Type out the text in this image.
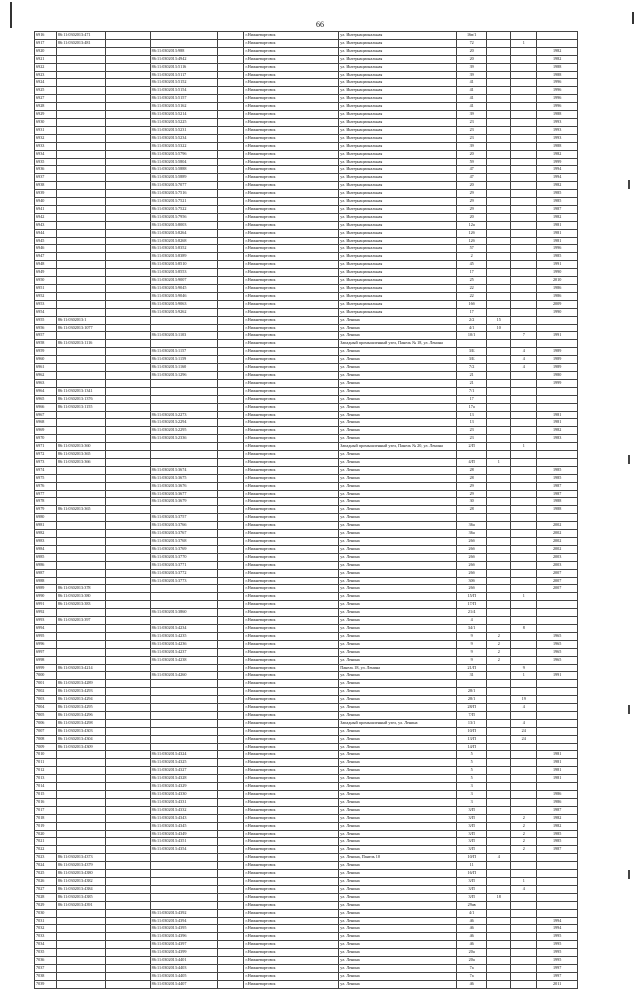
66
6916	86:11:0302013:471				г.Нижневартовск	ул. Интернациональная	16в/1			
6917	86:11:0302013:481				г.Нижневартовск	ул. Интернациональная	72		1	
6920			86:11:0302013:988		г.Нижневартовск	ул. Интернациональная	20			1982
6921			86:11:0302013:4942		г.Нижневартовск	ул. Интернациональная	20			1982
6922			86:11:0302013:5116		г.Нижневартовск	ул. Интернациональная	39			1988
6923			86:11:0302013:5117		г.Нижневартовск	ул. Интернациональная	39			1988
6924			86:11:0302013:5152		г.Нижневартовск	ул. Интернациональная	41			1996
6925			86:11:0302013:5154		г.Нижневартовск	ул. Интернациональная	41			1996
6927			86:11:0302013:5157		г.Нижневартовск	ул. Интернациональная	41			1996
6928			86:11:0302013:5162		г.Нижневартовск	ул. Интернациональная	41			1996
6929			86:11:0302013:5214		г.Нижневартовск	ул. Интернациональная	39			1988
6930			86:11:0302013:5225		г.Нижневартовск	ул. Интернациональная	23			1993
6931			86:11:0302013:5231		г.Нижневартовск	ул. Интернациональная	23			1993
6932			86:11:0302013:5234		г.Нижневартовск	ул. Интернациональная	23			1993
6933			86:11:0302013:5322		г.Нижневартовск	ул. Интернациональная	39			1988
6934			86:11:0302013:5796		г.Нижневартовск	ул. Интернациональная	20			1982
6935			86:11:0302013:5804		г.Нижневартовск	ул. Интернациональная	59			1999
6936			86:11:0302013:5888		г.Нижневартовск	ул. Интернациональная	47			1994
6937			86:11:0302013:5889		г.Нижневартовск	ул. Интернациональная	47			1994
6938			86:11:0302013:7077		г.Нижневартовск	ул. Интернациональная	20			1982
6939			86:11:0302013:7516		г.Нижневартовск	ул. Интернациональная	29			1985
6940			86:11:0302013:7521		г.Нижневартовск	ул. Интернациональная	29			1985
6941			86:11:0302013:7522		г.Нижневартовск	ул. Интернациональная	29			1987
6942			86:11:0302013:7956		г.Нижневартовск	ул. Интернациональная	20			1982
6943			86:11:0302013:8003		г.Нижневартовск	ул. Интернациональная	12а			1981
6944			86:11:0302013:8264		г.Нижневартовск	ул. Интернациональная	12б			1981
6945			86:11:0302013:8268		г.Нижневартовск	ул. Интернациональная	12б			1981
6946			86:11:0302013:8352		г.Нижневартовск	ул. Интернациональная	57			1996
6947			86:11:0302013:8389		г.Нижневартовск	ул. Интернациональная	2			1985
6948			86:11:0302013:8510		г.Нижневартовск	ул. Интернациональная	45			1991
6949			86:11:0302013:8553		г.Нижневартовск	ул. Интернациональная	17			1990
6950			86:11:0302013:9007		г.Нижневартовск	ул. Интернациональная	25			2010
6951			86:11:0302013:9045		г.Нижневартовск	ул. Интернациональная	22			1986
6952			86:11:0302013:9046		г.Нижневартовск	ул. Интернациональная	22			1986
6953			86:11:0302013:9063		г.Нижневартовск	ул. Интернациональная	16б			2009
6954			86:11:0302013:9262		г.Нижневартовск	ул. Интернациональная	17			1990
6955	86:11:0302013:1				г.Нижневартовск	ул. Ленина	2/2	15		
6956	86:11:0302013:1077				г.Нижневартовск	ул. Ленина	4/1	10		
6957			86:11:0302013:1103		г.Нижневартовск	ул. Ленина	10/1		7	1991
6958	86:11:0302013:1116				г.Нижневартовск	Западный промышленный узел, Панель № 18, ул. Ленина				
6959			86:11:0302013:1157		г.Нижневартовск	ул. Ленина	3/Б		4	1989
6960			86:11:0302013:1159		г.Нижневартовск	ул. Ленина	3/Б		4	1989
6961			86:11:0302013:1160		г.Нижневартовск	ул. Ленина	7/2		4	1989
6962			86:11:0302013:1296		г.Нижневартовск	ул. Ленина	21			1980
6963					г.Нижневартовск	ул. Ленина	21			1999
6964	86:11:0302013:1341				г.Нижневартовск	ул. Ленина	7/1			
6965	86:11:0302013:1376				г.Нижневартовск	ул. Ленина	17			
6966	86:11:0302013:1155				г.Нижневартовск	ул. Ленина	17а			
6967			86:11:0302013:2273		г.Нижневартовск	ул. Ленина	13			1981
6968			86:11:0302013:2294		г.Нижневартовск	ул. Ленина	13			1981
6969			86:11:0302013:2295		г.Нижневартовск	ул. Ленина	23			1982
6970			86:11:0302013:2336		г.Нижневартовск	ул. Ленина	23			1983
6971	86:11:0302013:360				г.Нижневартовск	Западный промышленный узел, Панель № 20, ул. Ленина	2/П		1	
6972	86:11:0302013:365				г.Нижневартовск	ул. Ленина				
6973	86:11:0302013:366				г.Нижневартовск	ул. Ленина	4/П	1		
6974			86:11:0302013:3674		г.Нижневартовск	ул. Ленина	28			1985
6975			86:11:0302013:3675		г.Нижневартовск	ул. Ленина	28			1985
6976			86:11:0302013:3676		г.Нижневартовск	ул. Ленина	29			1987
6977			86:11:0302013:3677		г.Нижневартовск	ул. Ленина	29			1987
6978			86:11:0302013:3679		г.Нижневартовск	ул. Ленина	30			1988
6979	86:11:0302013:365				г.Нижневартовск	ул. Ленина	28			1988
6980			86:11:0302013:3757		г.Нижневартовск	ул. Ленина				
6981			86:11:0302013:3766		г.Нижневартовск	ул. Ленина	36а			2002
6982			86:11:0302013:3767		г.Нижневартовск	ул. Ленина	36а			2002
6983			86:11:0302013:3768		г.Нижневартовск	ул. Ленина	26б			2002
6984			86:11:0302013:3769		г.Нижневартовск	ул. Ленина	26б			2002
6985			86:11:0302013:3770		г.Нижневартовск	ул. Ленина	26б			2003
6986			86:11:0302013:3771		г.Нижневартовск	ул. Ленина	26б			2003
6987			86:11:0302013:3772		г.Нижневартовск	ул. Ленина	26б			2007
6988			86:11:0302013:3773		г.Нижневартовск	ул. Ленина	30б			2007
6989	86:11:0302013:378				г.Нижневартовск	ул. Ленина	26б			2007
6990	86:11:0302013:380				г.Нижневартовск	ул. Ленина	15/П		1	
6991	86:11:0302013:383				г.Нижневартовск	ул. Ленина	17/П			
6992			86:11:0302013:3860		г.Нижневартовск	ул. Ленина	21/4			
6993	86:11:0302013:397				г.Нижневартовск	ул. Ленина	4			
6994			86:11:0302013:4234		г.Нижневартовск	ул. Ленина	34/1		8	
6995			86:11:0302013:4235		г.Нижневартовск	ул. Ленина	9	2		1965
6996			86:11:0302013:4236		г.Нижневартовск	ул. Ленина	9	2		1965
6997			86:11:0302013:4237		г.Нижневартовск	ул. Ленина	9	2		1965
6998			86:11:0302013:4238		г.Нижневартовск	ул. Ленина	9	2		1965
6999	86:11:0302013:4214				г.Нижневартовск	Панель 18, ул. Ленина	21/П		9	
7000			86:11:0302013:4260		г.Нижневартовск	ул. Ленина	31		1	1991
7001	86:11:0302013:4289				г.Нижневартовск	ул. Ленина				
7002	86:11:0302013:4293				г.Нижневартовск	ул. Ленина	28/1			
7003	86:11:0302013:4294				г.Нижневартовск	ул. Ленина	28/1		19	
7004	86:11:0302013:4295				г.Нижневартовск	ул. Ленина	28/П		4	
7005	86:11:0302013:4296				г.Нижневартовск	ул. Ленина	7/П			
7006	86:11:0302013:4298				г.Нижневартовск	Западный промышленный узел, ул. Ленина	13/1		4	
7007	86:11:0302013:4303				г.Нижневартовск	ул. Ленина	10/П		24	
7008	86:11:0302013:4304				г.Нижневартовск	ул. Ленина	13/П		24	
7009	86:11:0302013:4309				г.Нижневартовск	ул. Ленина	14/П			
7010			86:11:0302013:4324		г.Нижневартовск	ул. Ленина	5			1981
7011			86:11:0302013:4325		г.Нижневартовск	ул. Ленина	5			1981
7012			86:11:0302013:4327		г.Нижневартовск	ул. Ленина	5			1981
7013			86:11:0302013:4328		г.Нижневартовск	ул. Ленина	5			1981
7014			86:11:0302013:4329		г.Нижневартовск	ул. Ленина	3			
7015			86:11:0302013:4330		г.Нижневартовск	ул. Ленина	3			1986
7016			86:11:0302013:4331		г.Нижневартовск	ул. Ленина	3			1986
7017			86:11:0302013:4332		г.Нижневартовск	ул. Ленина	3/П			1987
7018			86:11:0302013:4343		г.Нижневартовск	ул. Ленина	3/П		2	1982
7019			86:11:0302013:4345		г.Нижневартовск	ул. Ленина	3/П		2	1982
7020			86:11:0302013:4349		г.Нижневартовск	ул. Ленина	3/П		2	1985
7021			86:11:0302013:4351		г.Нижневартовск	ул. Ленина	3/П		2	1985
7022			86:11:0302013:4354		г.Нижневартовск	ул. Ленина	3/П		2	1987
7023	86:11:0302013:4373				г.Нижневартовск	ул. Ленина, Панель 10	10/П	4		
7024	86:11:0302013:4379				г.Нижневартовск	ул. Ленина	11			
7025	86:11:0302013:4380				г.Нижневартовск	ул. Ленина	16/П			
7026	86:11:0302013:4382				г.Нижневартовск	ул. Ленина	3/П		1	
7027	86:11:0302013:4384				г.Нижневартовск	ул. Ленина	3/П		4	
7028	86:11:0302013:4385				г.Нижневартовск	ул. Ленина	3/П	18		
7029	86:11:0302013:4391				г.Нижневартовск	ул. Ленина	29ав			
7030			86:11:0302013:4392		г.Нижневартовск	ул. Ленина	4/1			
7031			86:11:0302013:4394		г.Нижневартовск	ул. Ленина	46			1994
7032			86:11:0302013:4395		г.Нижневартовск	ул. Ленина	46			1994
7033			86:11:0302013:4396		г.Нижневартовск	ул. Ленина	46			1995
7034			86:11:0302013:4397		г.Нижневартовск	ул. Ленина	46			1995
7035			86:11:0302013:4399		г.Нижневартовск	ул. Ленина	20а			1995
7036			86:11:0302013:4401		г.Нижневартовск	ул. Ленина	20а			1995
7037			86:11:0302013:4403		г.Нижневартовск	ул. Ленина	7а			1997
7038			86:11:0302013:4405		г.Нижневартовск	ул. Ленина	7а			1997
7039			86:11:0302013:4407		г.Нижневартовск	ул. Ленина	46			2011
